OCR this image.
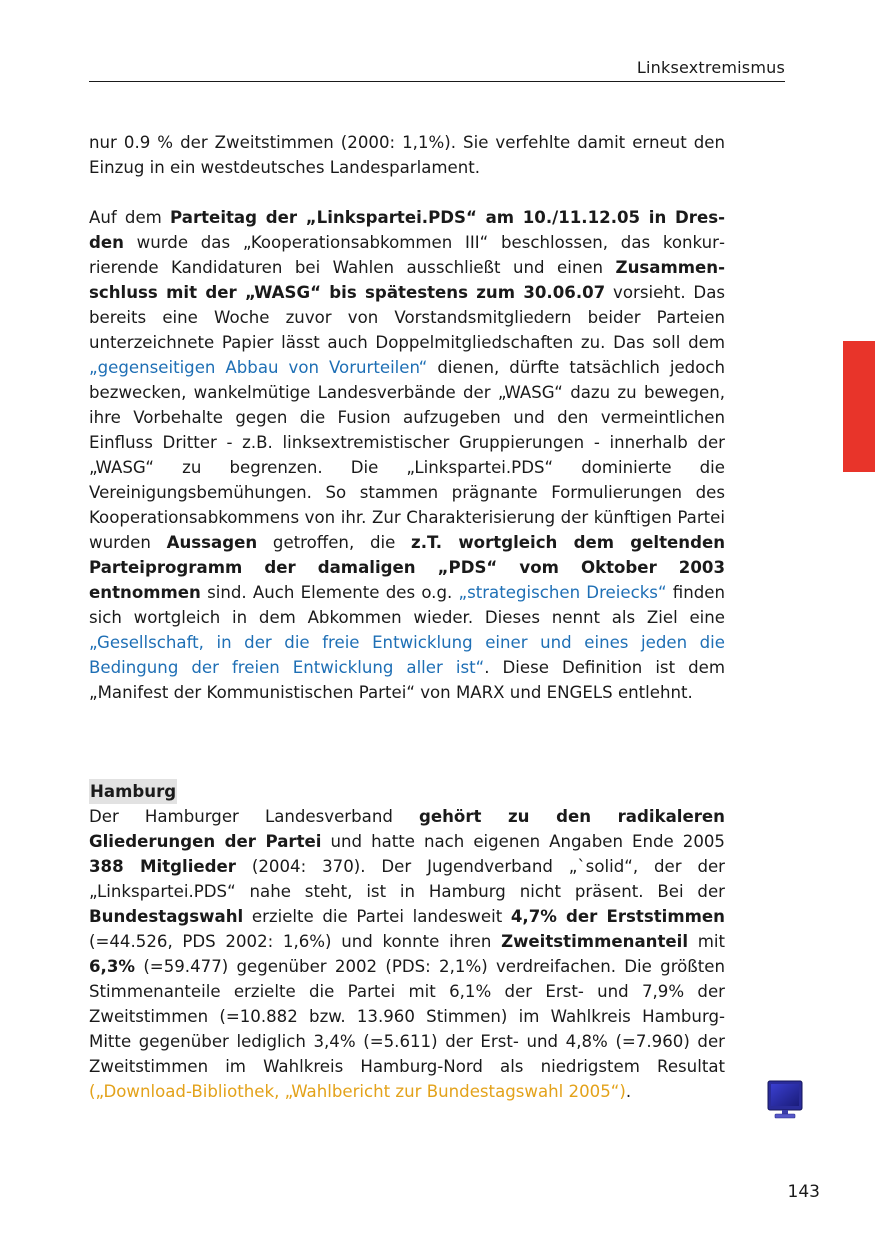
Linksextremismus

nur 0.9 % der Zweitstimmen (2000: 1,1%). Sie verfehlte damit erneut den Einzug in ein westdeutsches Landesparlament.

Auf dem Parteitag der „Linkspartei.PDS“ am 10./11.12.05 in Dresden wurde das „Kooperationsabkommen III“ beschlossen, das konkurrierende Kandidaturen bei Wahlen ausschließt und einen Zusammenschluss mit der „WASG“ bis spätestens zum 30.06.07 vorsieht. Das bereits eine Woche zuvor von Vorstandsmitgliedern beider Parteien unterzeichnete Papier lässt auch Doppelmitgliedschaften zu. Das soll dem „gegenseitigen Abbau von Vorurteilen“ dienen, dürfte tatsächlich jedoch bezwecken, wankelmütige Landesverbände der „WASG“ dazu zu bewegen, ihre Vorbehalte gegen die Fusion aufzugeben und den vermeintlichen Einfluss Dritter - z.B. linksextremistischer Gruppierungen - innerhalb der „WASG“ zu begrenzen. Die „Linkspartei.PDS“ dominierte die Vereinigungsbemühungen. So stammen prägnante Formulierungen des Kooperationsabkommens von ihr. Zur Charakterisierung der künftigen Partei wurden Aussagen getroffen, die z.T. wortgleich dem geltenden Parteiprogramm der damaligen „PDS“ vom Oktober 2003 entnommen sind. Auch Elemente des o.g. „strategischen Dreiecks“ finden sich wortgleich in dem Abkommen wieder. Dieses nennt als Ziel eine „Gesellschaft, in der die freie Entwicklung einer und eines jeden die Bedingung der freien Entwicklung aller ist“. Diese Definition ist dem „Manifest der Kommunistischen Partei“ von MARX und ENGELS entlehnt.

Hamburg

Der Hamburger Landesverband gehört zu den radikaleren Gliederungen der Partei und hatte nach eigenen Angaben Ende 2005 388 Mitglieder (2004: 370). Der Jugendverband „`solid“, der der „Linkspartei.PDS“ nahe steht, ist in Hamburg nicht präsent. Bei der Bundestagswahl erzielte die Partei landesweit 4,7% der Erststimmen (=44.526, PDS 2002: 1,6%) und konnte ihren Zweitstimmenanteil mit 6,3% (=59.477) gegenüber 2002 (PDS: 2,1%) verdreifachen. Die größten Stimmenanteile erzielte die Partei mit 6,1% der Erst- und 7,9% der Zweitstimmen (=10.882 bzw. 13.960 Stimmen) im Wahlkreis Hamburg-Mitte gegenüber lediglich 3,4% (=5.611) der Erst- und 4,8% (=7.960) der Zweitstimmen im Wahlkreis Hamburg-Nord als niedrigstem Resultat („Download-Bibliothek, „Wahlbericht zur Bundestagswahl 2005“).

143
